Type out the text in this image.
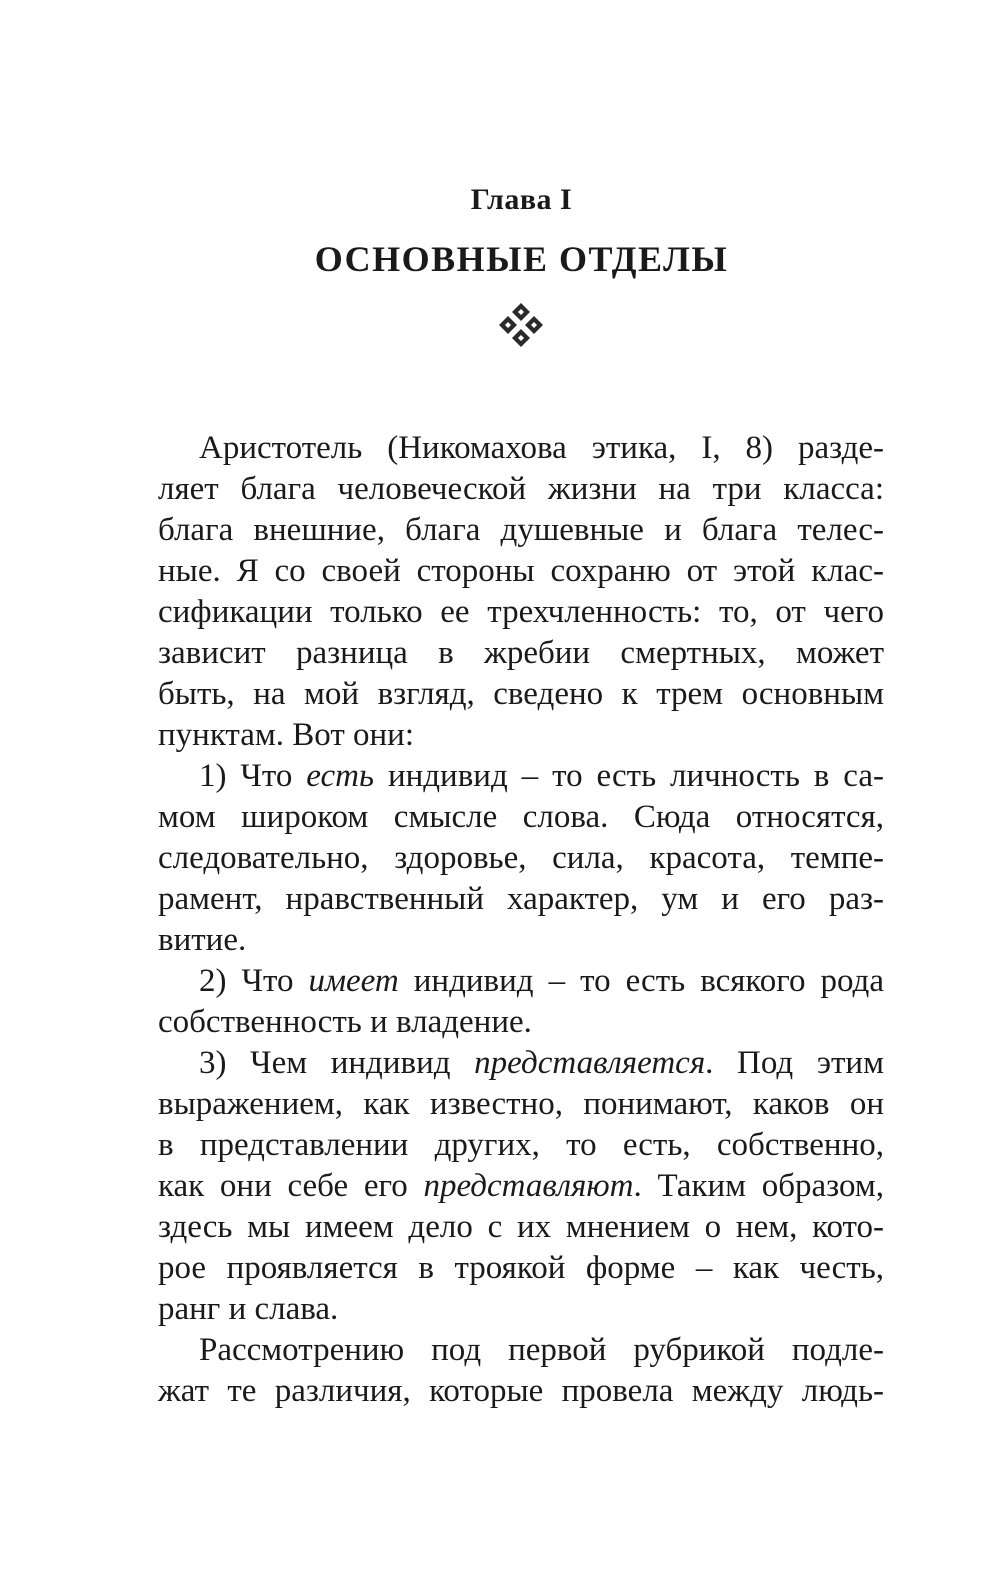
Глава I
ОСНОВНЫЕ ОТДЕЛЫ
Аристотель (Никомахова этика, I, 8) разде-
ляет блага человеческой жизни на три класса:
блага внешние, блага душевные и блага телес-
ные. Я со своей стороны сохраню от этой клас-
сификации только ее трехчленность: то, от чего
зависит разница в жребии смертных, может
быть, на мой взгляд, сведено к трем основным
пунктам. Вот они:
1) Что есть индивид – то есть личность в са-
мом широком смысле слова. Сюда относятся,
следовательно, здоровье, сила, красота, темпе-
рамент, нравственный характер, ум и его раз-
витие.
2) Что имеет индивид – то есть всякого рода
собственность и владение.
3) Чем индивид представляется. Под этим
выражением, как известно, понимают, каков он
в представлении других, то есть, собственно,
как они себе его представляют. Таким образом,
здесь мы имеем дело с их мнением о нем, кото-
рое проявляется в троякой форме – как честь,
ранг и слава.
Рассмотрению под первой рубрикой подле-
жат те различия, которые провела между людь-
